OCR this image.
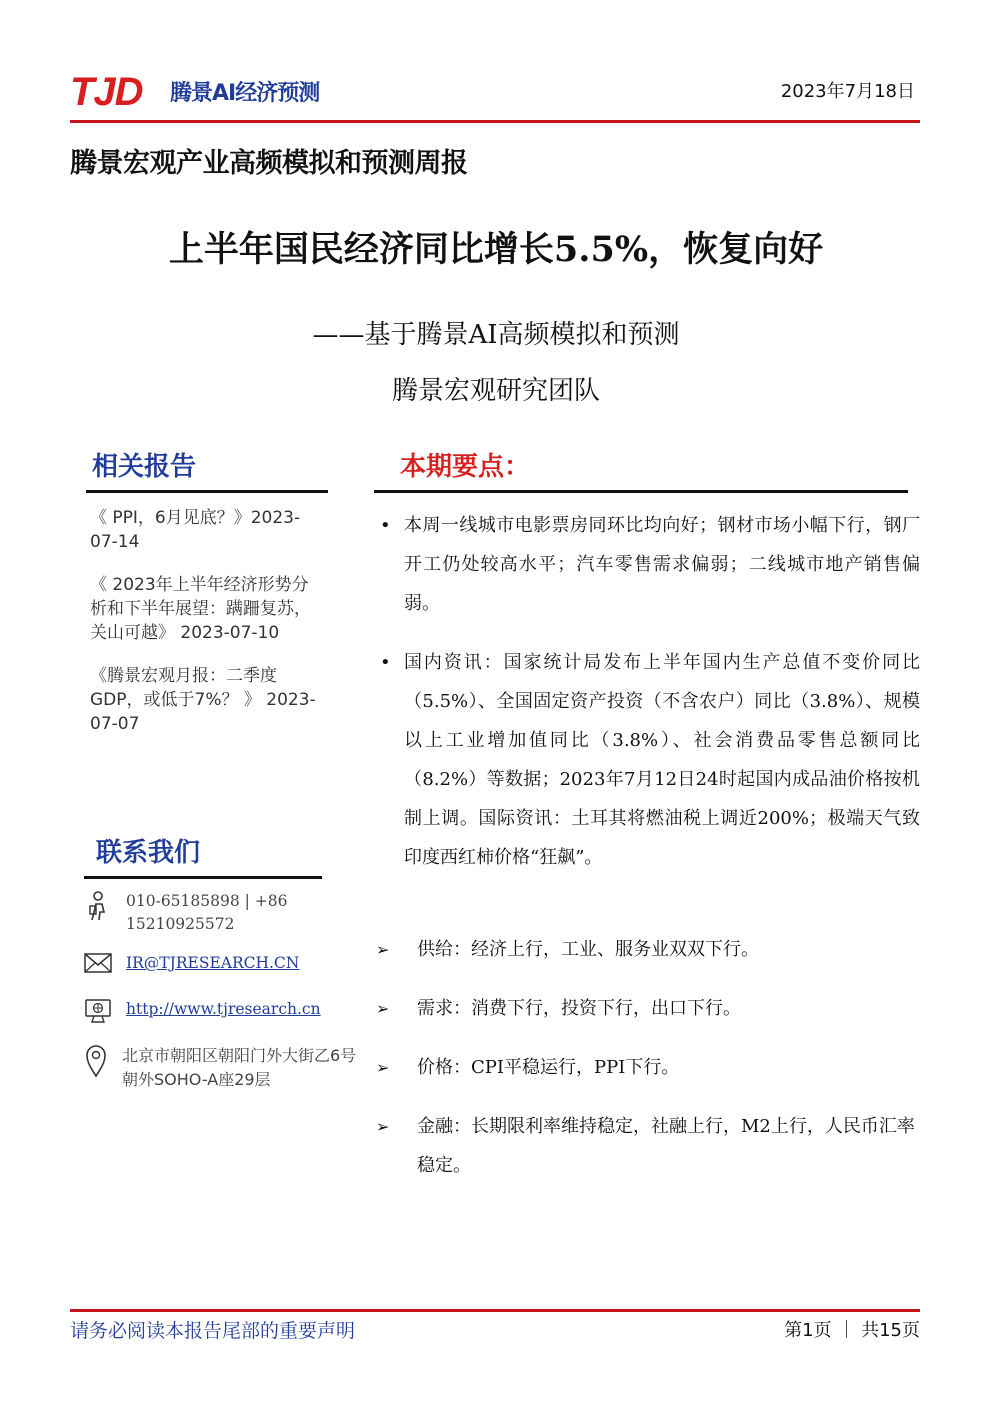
TJD 腾景AI经济预测	2023年7月18日
腾景宏观产业高频模拟和预测周报
上半年国民经济同比增长5.5%，恢复向好
——基于腾景AI高频模拟和预测
腾景宏观研究团队
相关报告
《 PPI，6月见底？》2023-07-14
《 2023年上半年经济形势分析和下半年展望：蹒跚复苏，关山可越》 2023-07-10
《腾景宏观月报：二季度GDP，或低于7%？ 》 2023-07-07
联系我们
010-65185898 | +86 15210925572
IR@TJRESEARCH.CN
http://www.tjresearch.cn
北京市朝阳区朝阳门外大街乙6号朝外SOHO-A座29层
本期要点：
• 本周一线城市电影票房同环比均向好；钢材市场小幅下行，钢厂开工仍处较高水平；汽车零售需求偏弱；二线城市地产销售偏弱。
• 国内资讯：国家统计局发布上半年国内生产总值不变价同比（5.5%）、全国固定资产投资（不含农户）同比（3.8%）、规模以上工业增加值同比（3.8%）、社会消费品零售总额同比（8.2%）等数据；2023年7月12日24时起国内成品油价格按机制上调。国际资讯：土耳其将燃油税上调近200%；极端天气致印度西红柿价格“狂飙”。
➢ 供给：经济上行，工业、服务业双双下行。
➢ 需求：消费下行，投资下行，出口下行。
➢ 价格：CPI平稳运行，PPI下行。
➢ 金融：长期限利率维持稳定，社融上行，M2上行，人民币汇率稳定。
请务必阅读本报告尾部的重要声明	第1页 ｜ 共15页
